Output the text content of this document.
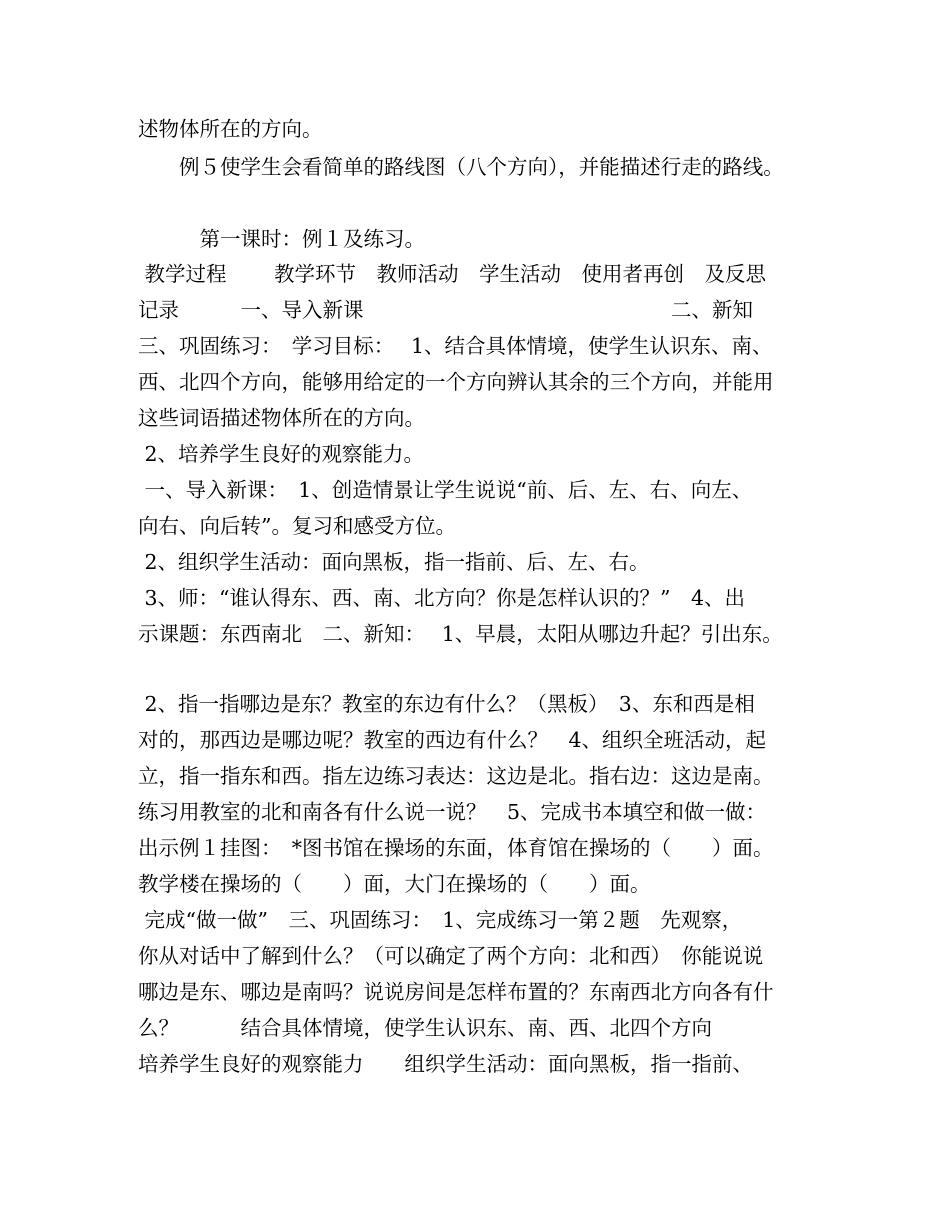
述物体所在的方向。
　　例５使学生会看简单的路线图（八个方向），并能描述行走的路线。
　　　第一课时：例１及练习。
教学过程　　 教学环节　教师活动　学生活动　使用者再创　及反思
记录　　　一、导入新课　　　　　　　　　　　　　　　二、新知
三、巩固练习：　学习目标：　 1、结合具体情境，使学生认识东、南、
西、北四个方向，能够用给定的一个方向辨认其余的三个方向，并能用
这些词语描述物体所在的方向。
2、培养学生良好的观察能力。
一、导入新课：　1、创造情景让学生说说“前、后、左、右、向左、
向右、向后转”。复习和感受方位。
2、组织学生活动：面向黑板，指一指前、后、左、右。
3、师：“谁认得东、西、南、北方向？你是怎样认识的？”　4、出
示课题：东西南北　二、新知：　 1、早晨，太阳从哪边升起？引出东。
2、指一指哪边是东？教室的东边有什么？（黑板）　3、东和西是相
对的，那西边是哪边呢？教室的西边有什么？　4、组织全班活动，起
立，指一指东和西。指左边练习表达：这边是北。指右边：这边是南。
练习用教室的北和南各有什么说一说？　5、完成书本填空和做一做：
出示例１挂图：　*图书馆在操场的东面，体育馆在操场的（　　）面。
教学楼在操场的（　　）面，大门在操场的（　　）面。
完成“做一做”　三、巩固练习：　1、完成练习一第２题　先观察，
你从对话中了解到什么？（可以确定了两个方向：北和西）　你能说说
哪边是东、哪边是南吗？说说房间是怎样布置的？东南西北方向各有什
么？　　　结合具体情境，使学生认识东、南、西、北四个方向
培养学生良好的观察能力　　组织学生活动：面向黑板，指一指前、
